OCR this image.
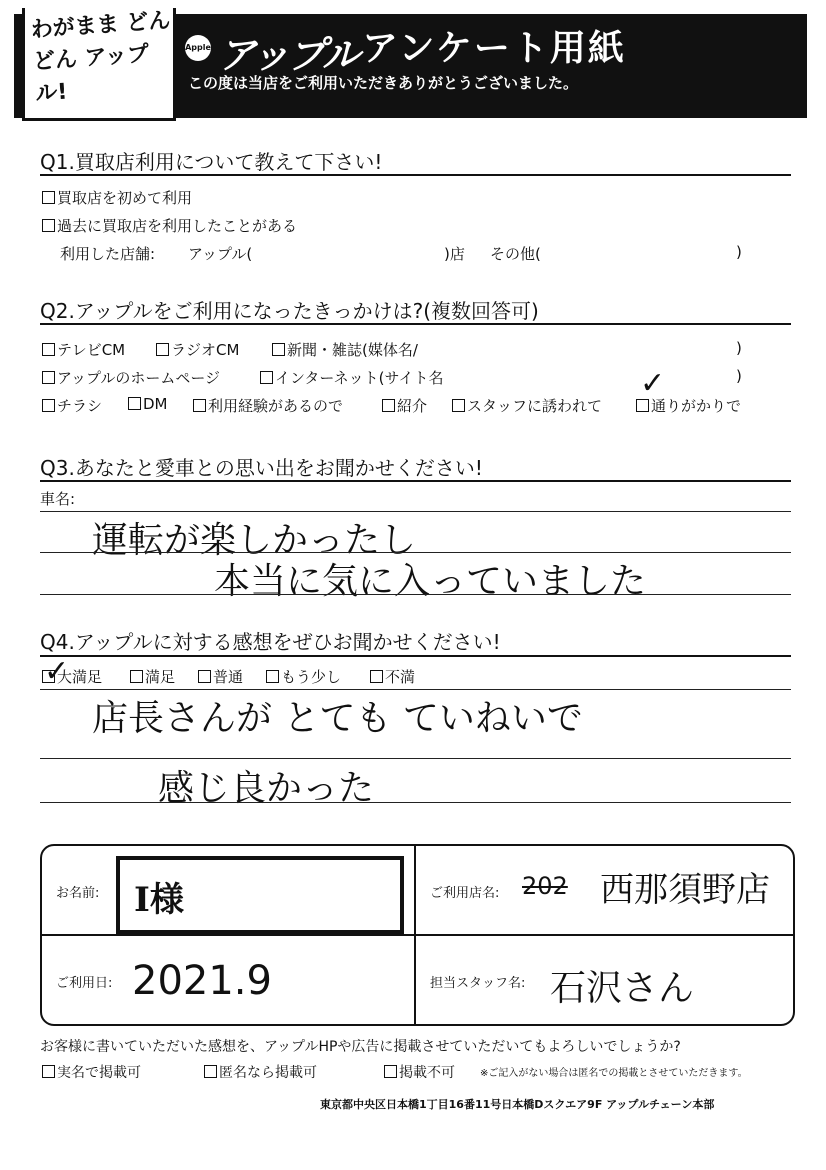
わがまま どんどん アップル!
Apple アップル アンケート用紙
この度は当店をご利用いただきありがとうございました。
Q1.買取店利用について教えて下さい!
買取店を初めて利用
過去に買取店を利用したことがある
利用した店舗: アップル(	)店 その他(	)
Q2.アップルをご利用になったきっかけは?(複数回答可)
テレビCM	ラジオCM	新聞・雑誌(媒体名/	)
アップルのホームページ	インターネット(サイト名	)
チラシ	DM	利用経験があるので	紹介	スタッフに誘われて	通りがかりで
✓
Q3.あなたと愛車との思い出をお聞かせください!
車名:
運転が楽しかったし
本当に気に入っていました
Q4.アップルに対する感想をぜひお聞かせください!
大満足	満足	普通	もう少し	不満
✓
店長さんが とても ていねいで
感じ良かった
お名前: I様	ご利用店名: 202 西那須野店
ご利用日: 2021.9	担当スタッフ名: 石沢さん
お客様に書いていただいた感想を、アップルHPや広告に掲載させていただいてもよろしいでしょうか?
実名で掲載可	匿名なら掲載可	掲載不可	※ご記入がない場合は匿名での掲載とさせていただきます。
東京都中央区日本橋1丁目16番11号日本橋Dスクエア9F アップルチェーン本部
